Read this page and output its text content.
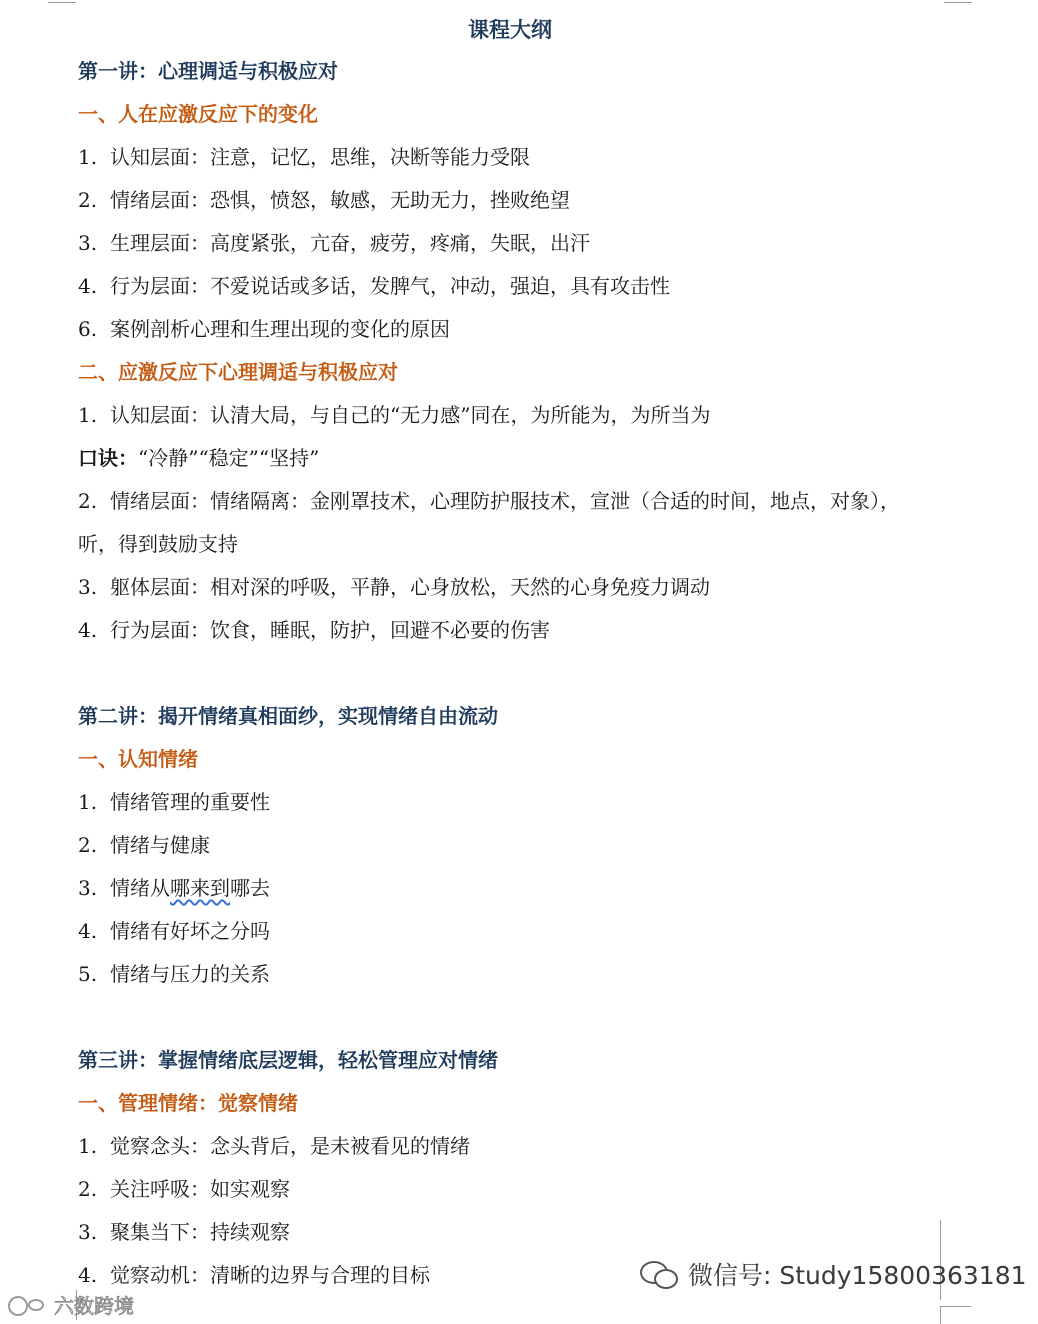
课程大纲
第一讲：心理调适与积极应对
一、人在应激反应下的变化
1. 认知层面：注意，记忆，思维，决断等能力受限
2. 情绪层面：恐惧，愤怒，敏感，无助无力，挫败绝望
3. 生理层面：高度紧张，亢奋，疲劳，疼痛，失眠，出汗
4. 行为层面：不爱说话或多话，发脾气，冲动，强迫，具有攻击性
6. 案例剖析心理和生理出现的变化的原因
二、应激反应下心理调适与积极应对
1. 认知层面：认清大局，与自己的“无力感”同在，为所能为，为所当为
口诀：“冷静”“稳定”“坚持”
2. 情绪层面：情绪隔离：金刚罩技术，心理防护服技术，宣泄（合适的时间，地点，对象），
听，得到鼓励支持
3. 躯体层面：相对深的呼吸，平静，心身放松，天然的心身免疫力调动
4. 行为层面：饮食，睡眠，防护，回避不必要的伤害
第二讲：揭开情绪真相面纱，实现情绪自由流动
一、认知情绪
1. 情绪管理的重要性
2. 情绪与健康
3. 情绪从哪来到哪去
4. 情绪有好坏之分吗
5. 情绪与压力的关系
第三讲：掌握情绪底层逻辑，轻松管理应对情绪
一、管理情绪：觉察情绪
1. 觉察念头：念头背后，是未被看见的情绪
2. 关注呼吸：如实观察
3. 聚集当下：持续观察
4. 觉察动机：清晰的边界与合理的目标	微信号: Study15800363181
六数跨境
